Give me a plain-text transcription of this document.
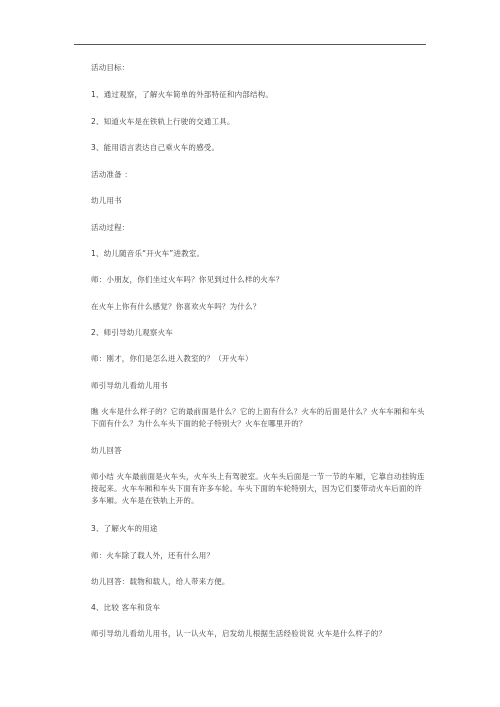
活动目标：
1、通过观察，了解火车简单的外部特征和内部结构。
2、知道火车是在铁轨上行驶的交通工具。
3、能用语言表达自己乘火车的感受。
活动准备 ：
幼儿用书
活动过程：
1、幼儿随音乐“开火车”进教室。
师：小朋友，你们坐过火车吗？你见到过什么样的火车？
在火车上你有什么感觉？你喜欢火车吗？为什么？
2、师引导幼儿观察火车
师：刚才，你们是怎么进入教室的？（开火车）
师引导幼儿看幼儿用书
瞧 火车是什么样子的？它的最前面是什么？它的上面有什么？火车的后面是什么？火车车厢和车头下面有什么？为什么车头下面的轮子特别大？火车在哪里开的？
幼儿回答
师小结 火车最前面是火车头，火车头上有驾驶室。火车头后面是一节一节的车厢，它靠自动挂钩连接起来。火车车厢和车头下面有许多车轮。车头下面的车轮特别大，因为它们要带动火车后面的许多车厢。火车是在铁轨上开的。
3、了解火车的用途
师：火车除了载人外，还有什么用？
幼儿回答：载物和载人，给人带来方便。
4、比较 客车和货车
师引导幼儿看幼儿用书，认一认火车，启发幼儿根据生活经验说说 火车是什么样子的？
